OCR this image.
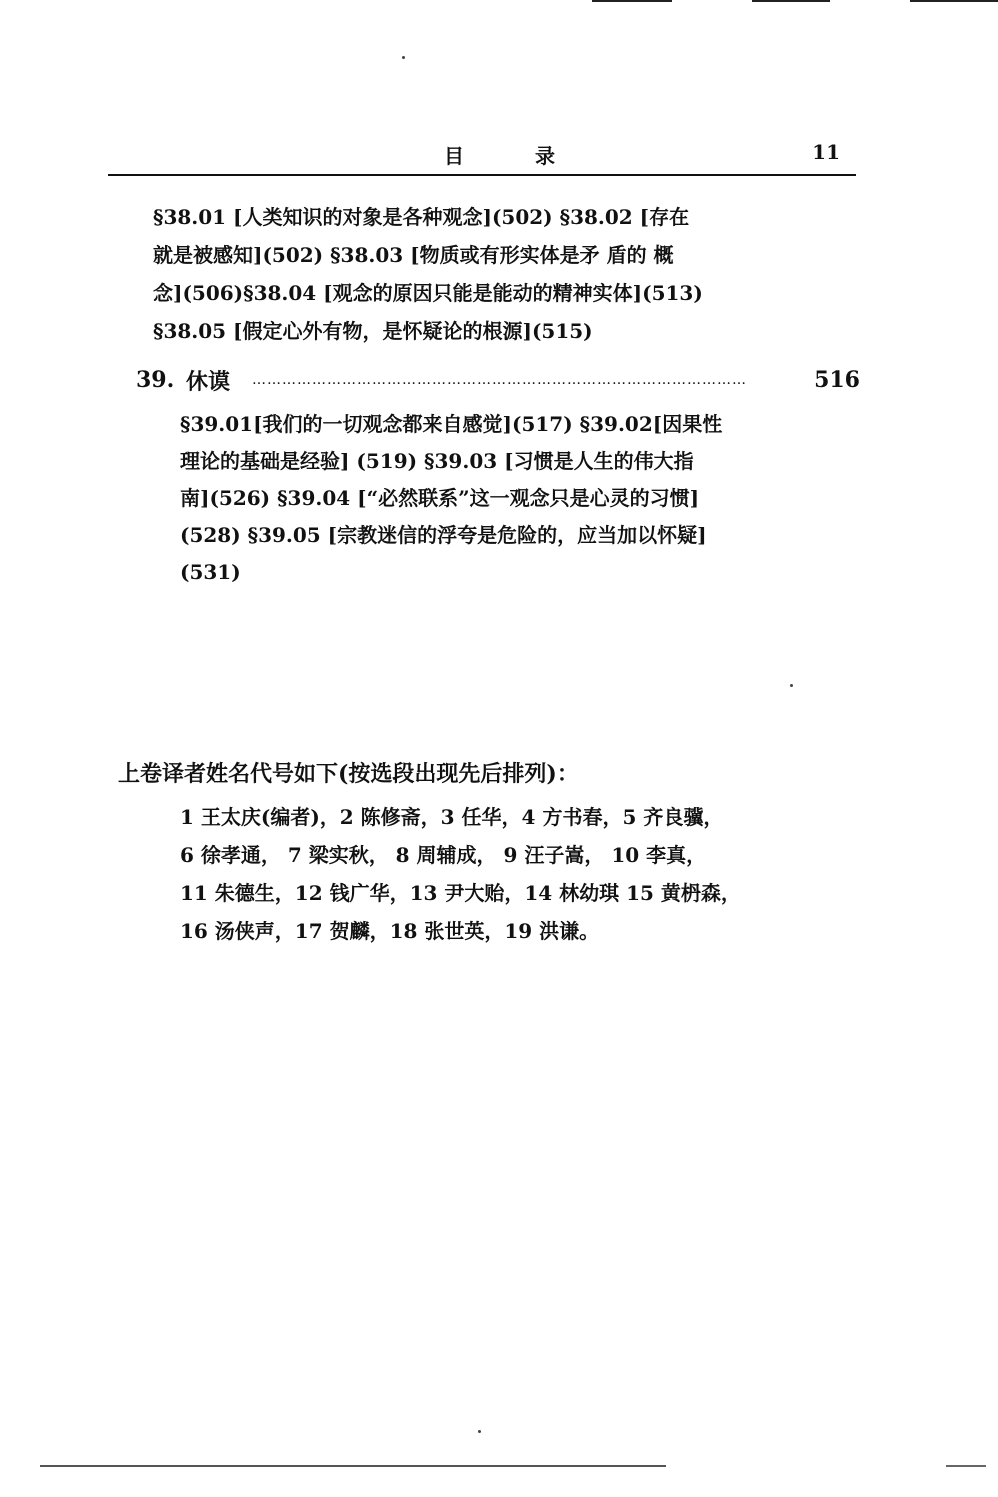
目 录	11
§38.01 [人类知识的对象是各种观念](502) §38.02 [存在
就是被感知](502) §38.03 [物质或有形实体是矛 盾的 概
念](506)§38.04 [观念的原因只能是能动的精神实体](513)
§38.05 [假定心外有物，是怀疑论的根源](515)
39. 休谟	………………………………………………………………………………………	516
§39.01[我们的一切观念都来自感觉](517) §39.02[因果性
理论的基础是经验] (519) §39.03 [习惯是人生的伟大指
南](526) §39.04 [“必然联系”这一观念只是心灵的习惯]
(528) §39.05 [宗教迷信的浮夸是危险的，应当加以怀疑]
(531)
上卷译者姓名代号如下(按选段出现先后排列)：
1 王太庆(编者)，2 陈修斋，3 任华，4 方书春，5 齐良骥，
6 徐孝通， 7 梁实秋， 8 周辅成， 9 汪子嵩， 10 李真，
11 朱德生，12 钱广华，13 尹大贻，14 林幼琪 15 黄枬森，
16 汤侠声，17 贺麟，18 张世英，19 洪谦。
